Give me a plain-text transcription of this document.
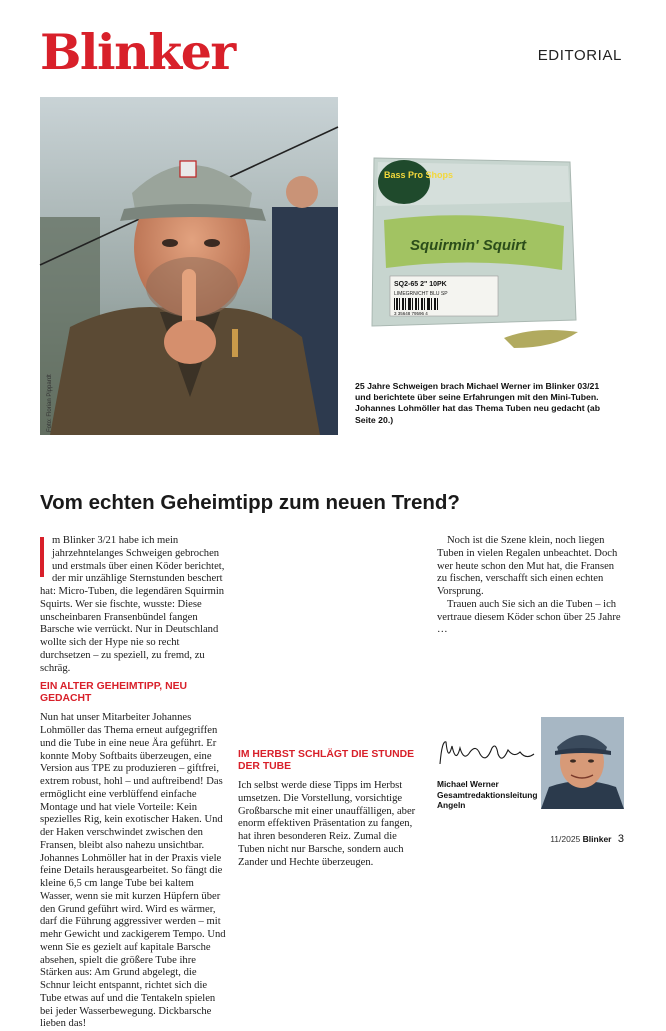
Blinker	EDITORIAL
Foto: Florian Pippardt
Bass Pro Shops
Squirmin' Squirt
SQ2-65 2" 10PK
LIMEGRN/CHT BLU SP
3 35648 79596 4
25 Jahre Schweigen brach Michael Werner im Blinker 03/21 und berichtete über seine Erfahrungen mit den Mini-Tuben. Johannes Lohmöller hat das Thema Tuben neu gedacht (ab Seite 20.)
Vom echten Geheimtipp zum neuen Trend?

m Blinker 3/21 habe ich mein jahrzehntelanges Schweigen gebrochen und erstmals über einen Köder berichtet, der mir unzählige Sternstunden beschert hat: Micro-Tuben, die legendären Squirmin Squirts. Wer sie fischte, wusste: Diese unscheinbaren Fransenbündel fangen Barsche wie verrückt. Nur in Deutschland wollte sich der Hype nie so recht durchsetzen – zu speziell, zu fremd, zu schräg.

EIN ALTER GEHEIMTIPP, NEU GEDACHT

Nun hat unser Mitarbeiter Johannes Lohmöller das Thema erneut aufgegriffen und die Tube in eine neue Ära geführt. Er konnte Moby Softbaits überzeugen, eine Version aus TPE zu produzieren – giftfrei, extrem robust, hohl – und auftreibend! Das ermöglicht eine verblüffend einfache Montage und hat viele Vorteile: Kein spezielles Rig, kein exotischer Haken. Und der Haken verschwindet zwischen den Fransen, bleibt also nahezu unsichtbar. Johannes Lohmöller hat in der Praxis viele feine Details herausgearbeitet. So fängt die kleine 6,5 cm lange Tube bei kaltem Wasser, wenn sie mit kurzen Hüpfern über den Grund geführt wird. Wird es wärmer, darf die Führung aggressiver werden – mit mehr Gewicht und zackigerem Tempo. Und wenn Sie es gezielt auf kapitale Barsche absehen, spielt die größere Tube ihre Stärken aus: Am Grund abgelegt, die Schnur leicht entspannt, richtet sich die Tube etwas auf und die Tentakeln spielen bei jeder Wasserbewegung. Dickbarsche lieben das!

IM HERBST SCHLÄGT DIE STUNDE DER TUBE

Ich selbst werde diese Tipps im Herbst umsetzen. Die Vorstellung, vorsichtige Großbarsche mit einer unauffälligen, aber enorm effektiven Präsentation zu fangen, hat ihren besonderen Reiz. Zumal die Tuben nicht nur Barsche, sondern auch Zander und Hechte überzeugen.

Noch ist die Szene klein, noch liegen Tuben in vielen Regalen unbeachtet. Doch wer heute schon den Mut hat, die Fransen zu fischen, verschafft sich einen echten Vorsprung.

Trauen auch Sie sich an die Tuben – ich vertraue diesem Köder schon über 25 Jahre …

Michael Werner
Gesamtredaktionsleitung Angeln
11/2025 Blinker 3
